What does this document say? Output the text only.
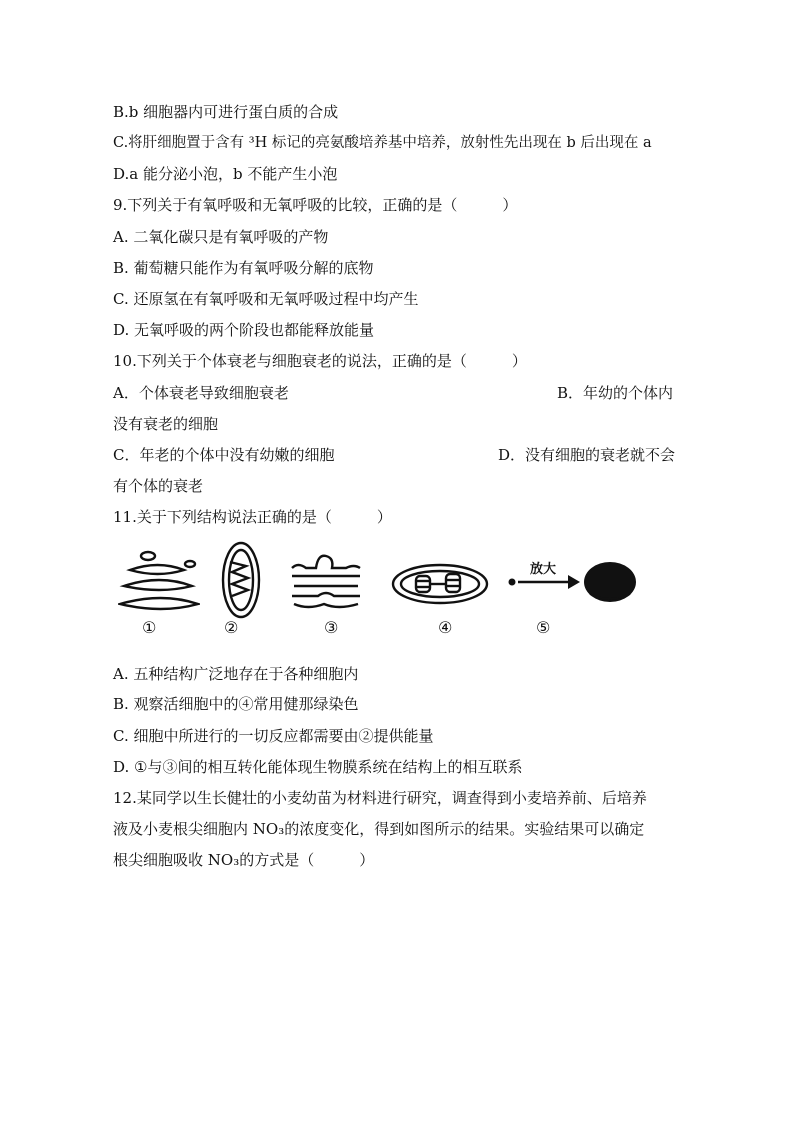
B.b 细胞器内可进行蛋白质的合成
C.将肝细胞置于含有 ³H 标记的亮氨酸培养基中培养，放射性先出现在 b 后出现在 a
D.a 能分泌小泡，b 不能产生小泡
9.下列关于有氧呼吸和无氧呼吸的比较，正确的是（　　　）
A. 二氧化碳只是有氧呼吸的产物
B. 葡萄糖只能作为有氧呼吸分解的底物
C. 还原氢在有氧呼吸和无氧呼吸过程中均产生
D. 无氧呼吸的两个阶段也都能释放能量
10.下列关于个体衰老与细胞衰老的说法，正确的是（　　　）
A．个体衰老导致细胞衰老	B．年幼的个体内
没有衰老的细胞
C．年老的个体中没有幼嫩的细胞	D．没有细胞的衰老就不会
有个体的衰老
11.关于下列结构说法正确的是（　　　）
放大
①	②	③	④	⑤
A. 五种结构广泛地存在于各种细胞内
B. 观察活细胞中的④常用健那绿染色
C. 细胞中所进行的一切反应都需要由②提供能量
D. ①与③间的相互转化能体现生物膜系统在结构上的相互联系
12.某同学以生长健壮的小麦幼苗为材料进行研究，调查得到小麦培养前、后培养
液及小麦根尖细胞内 NO₃的浓度变化，得到如图所示的结果。实验结果可以确定
根尖细胞吸收 NO₃的方式是（　　　）
